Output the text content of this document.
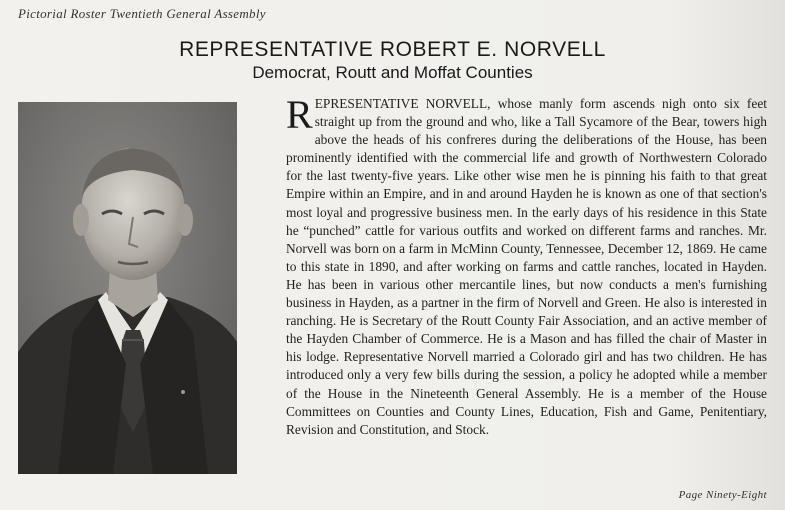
Pictorial Roster Twentieth General Assembly
REPRESENTATIVE ROBERT E. NORVELL
Democrat, Routt and Moffat Counties

REPRESENTATIVE NORVELL, whose manly form ascends nigh onto six feet straight up from the ground and who, like a Tall Sycamore of the Bear, towers high above the heads of his confreres during the deliberations of the House, has been prominently identified with the commercial life and growth of Northwestern Colorado for the last twenty-five years. Like other wise men he is pinning his faith to that great Empire within an Empire, and in and around Hayden he is known as one of that section's most loyal and progressive business men. In the early days of his residence in this State he “punched” cattle for various outfits and worked on different farms and ranches. Mr. Norvell was born on a farm in McMinn County, Tennessee, December 12, 1869. He came to this state in 1890, and after working on farms and cattle ranches, located in Hayden. He has been in various other mercantile lines, but now conducts a men's furnishing business in Hayden, as a partner in the firm of Norvell and Green. He also is interested in ranching. He is Secretary of the Routt County Fair Association, and an active member of the Hayden Chamber of Commerce. He is a Mason and has filled the chair of Master in his lodge. Representative Norvell married a Colorado girl and has two children. He has introduced only a very few bills during the session, a policy he adopted while a member of the House in the Nineteenth General Assembly. He is a member of the House Committees on Counties and County Lines, Education, Fish and Game, Penitentiary, Revision and Constitution, and Stock.

Page Ninety-Eight
